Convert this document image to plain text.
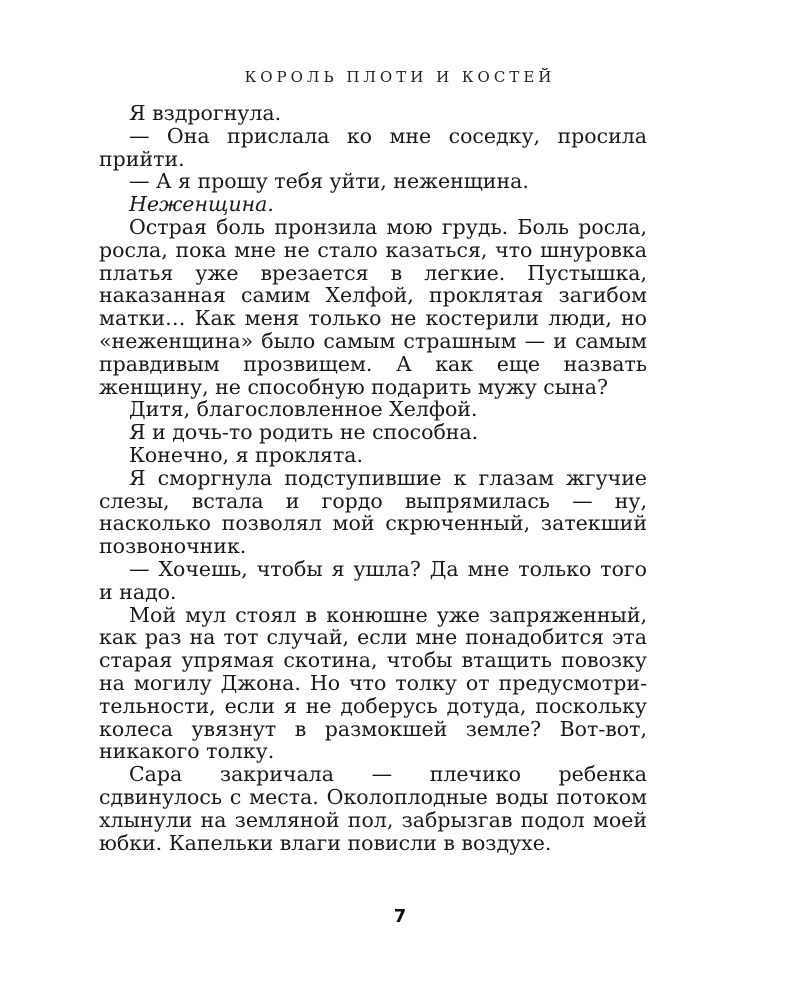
КОРОЛЬ ПЛОТИ И КОСТЕЙ

Я вздрогнула.

— Она прислала ко мне соседку, просила прийти.

— А я прошу тебя уйти, неженщина.

Неженщина.

Острая боль пронзила мою грудь. Боль росла, росла, пока мне не стало казаться, что шнуровка платья уже врезается в легкие. Пустышка, наказанная самим Хелфой, проклятая загибом матки… Как меня только не костерили люди, но «неженщина» было самым страшным — и самым правдивым прозвищем. А как еще назвать женщину, не способную подарить мужу сына?

Дитя, благословленное Хелфой.

Я и дочь-то родить не способна.

Конечно, я проклята.

Я сморгнула подступившие к глазам жгучие слезы, встала и гордо выпрямилась — ну, насколько позволял мой скрюченный, затекший позвоночник.

— Хочешь, чтобы я ушла? Да мне только того и надо.

Мой мул стоял в конюшне уже запряженный, как раз на тот случай, если мне понадобится эта старая упрямая скотина, чтобы втащить повозку на могилу Джона. Но что толку от предусмотрительности, если я не доберусь дотуда, поскольку колеса увязнут в размокшей земле? Вот-вот, никакого толку.

Сара закричала — плечико ребенка сдвинулось с места. Околоплодные воды потоком хлынули на земляной пол, забрызгав подол моей юбки. Капельки влаги повисли в воздухе.

7
